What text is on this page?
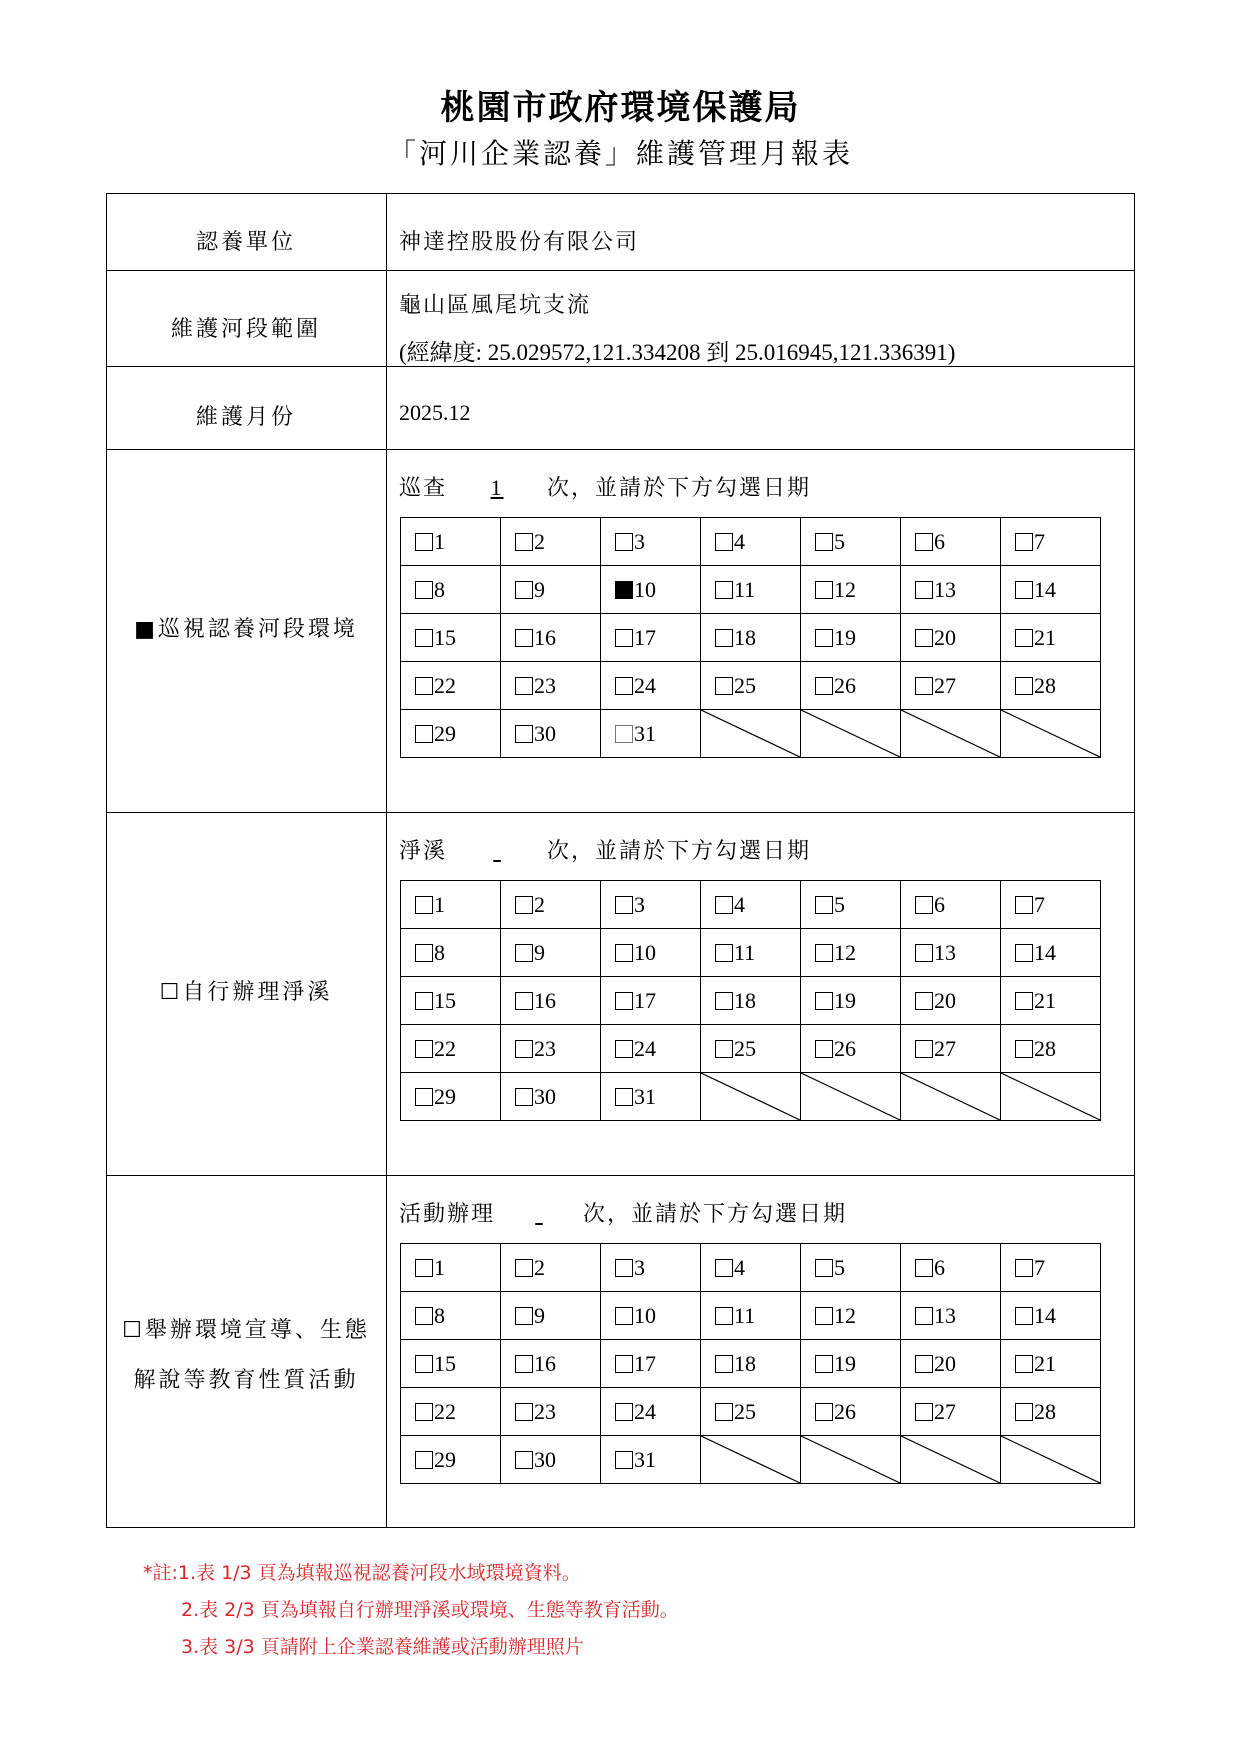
桃園市政府環境保護局
「河川企業認養」維護管理月報表
認養單位	神達控股股份有限公司
維護河段範圍
龜山區風尾坑支流
(經緯度: 25.029572,121.334208 到 25.016945,121.336391)
維護月份	2025.12
■巡視認養河段環境
巡查 1 次，並請於下方勾選日期
1	2	3	4	5	6	7
8	9	10	11	12	13	14
15	16	17	18	19	20	21
22	23	24	25	26	27	28
29	30	31	

☐自行辦理淨溪
淨溪	次，並請於下方勾選日期
1	2	3	4	5	6	7
8	9	10	11	12	13	14
15	16	17	18	19	20	21
22	23	24	25	26	27	28
29	30	31	

☐舉辦環境宣導、生態
解說等教育性質活動
活動辦理	次，並請於下方勾選日期
1	2	3	4	5	6	7
8	9	10	11	12	13	14
15	16	17	18	19	20	21
22	23	24	25	26	27	28
29	30	31	

*註:1.表 1/3 頁為填報巡視認養河段水域環境資料。
2.表 2/3 頁為填報自行辦理淨溪或環境、生態等教育活動。
3.表 3/3 頁請附上企業認養維護或活動辦理照片
